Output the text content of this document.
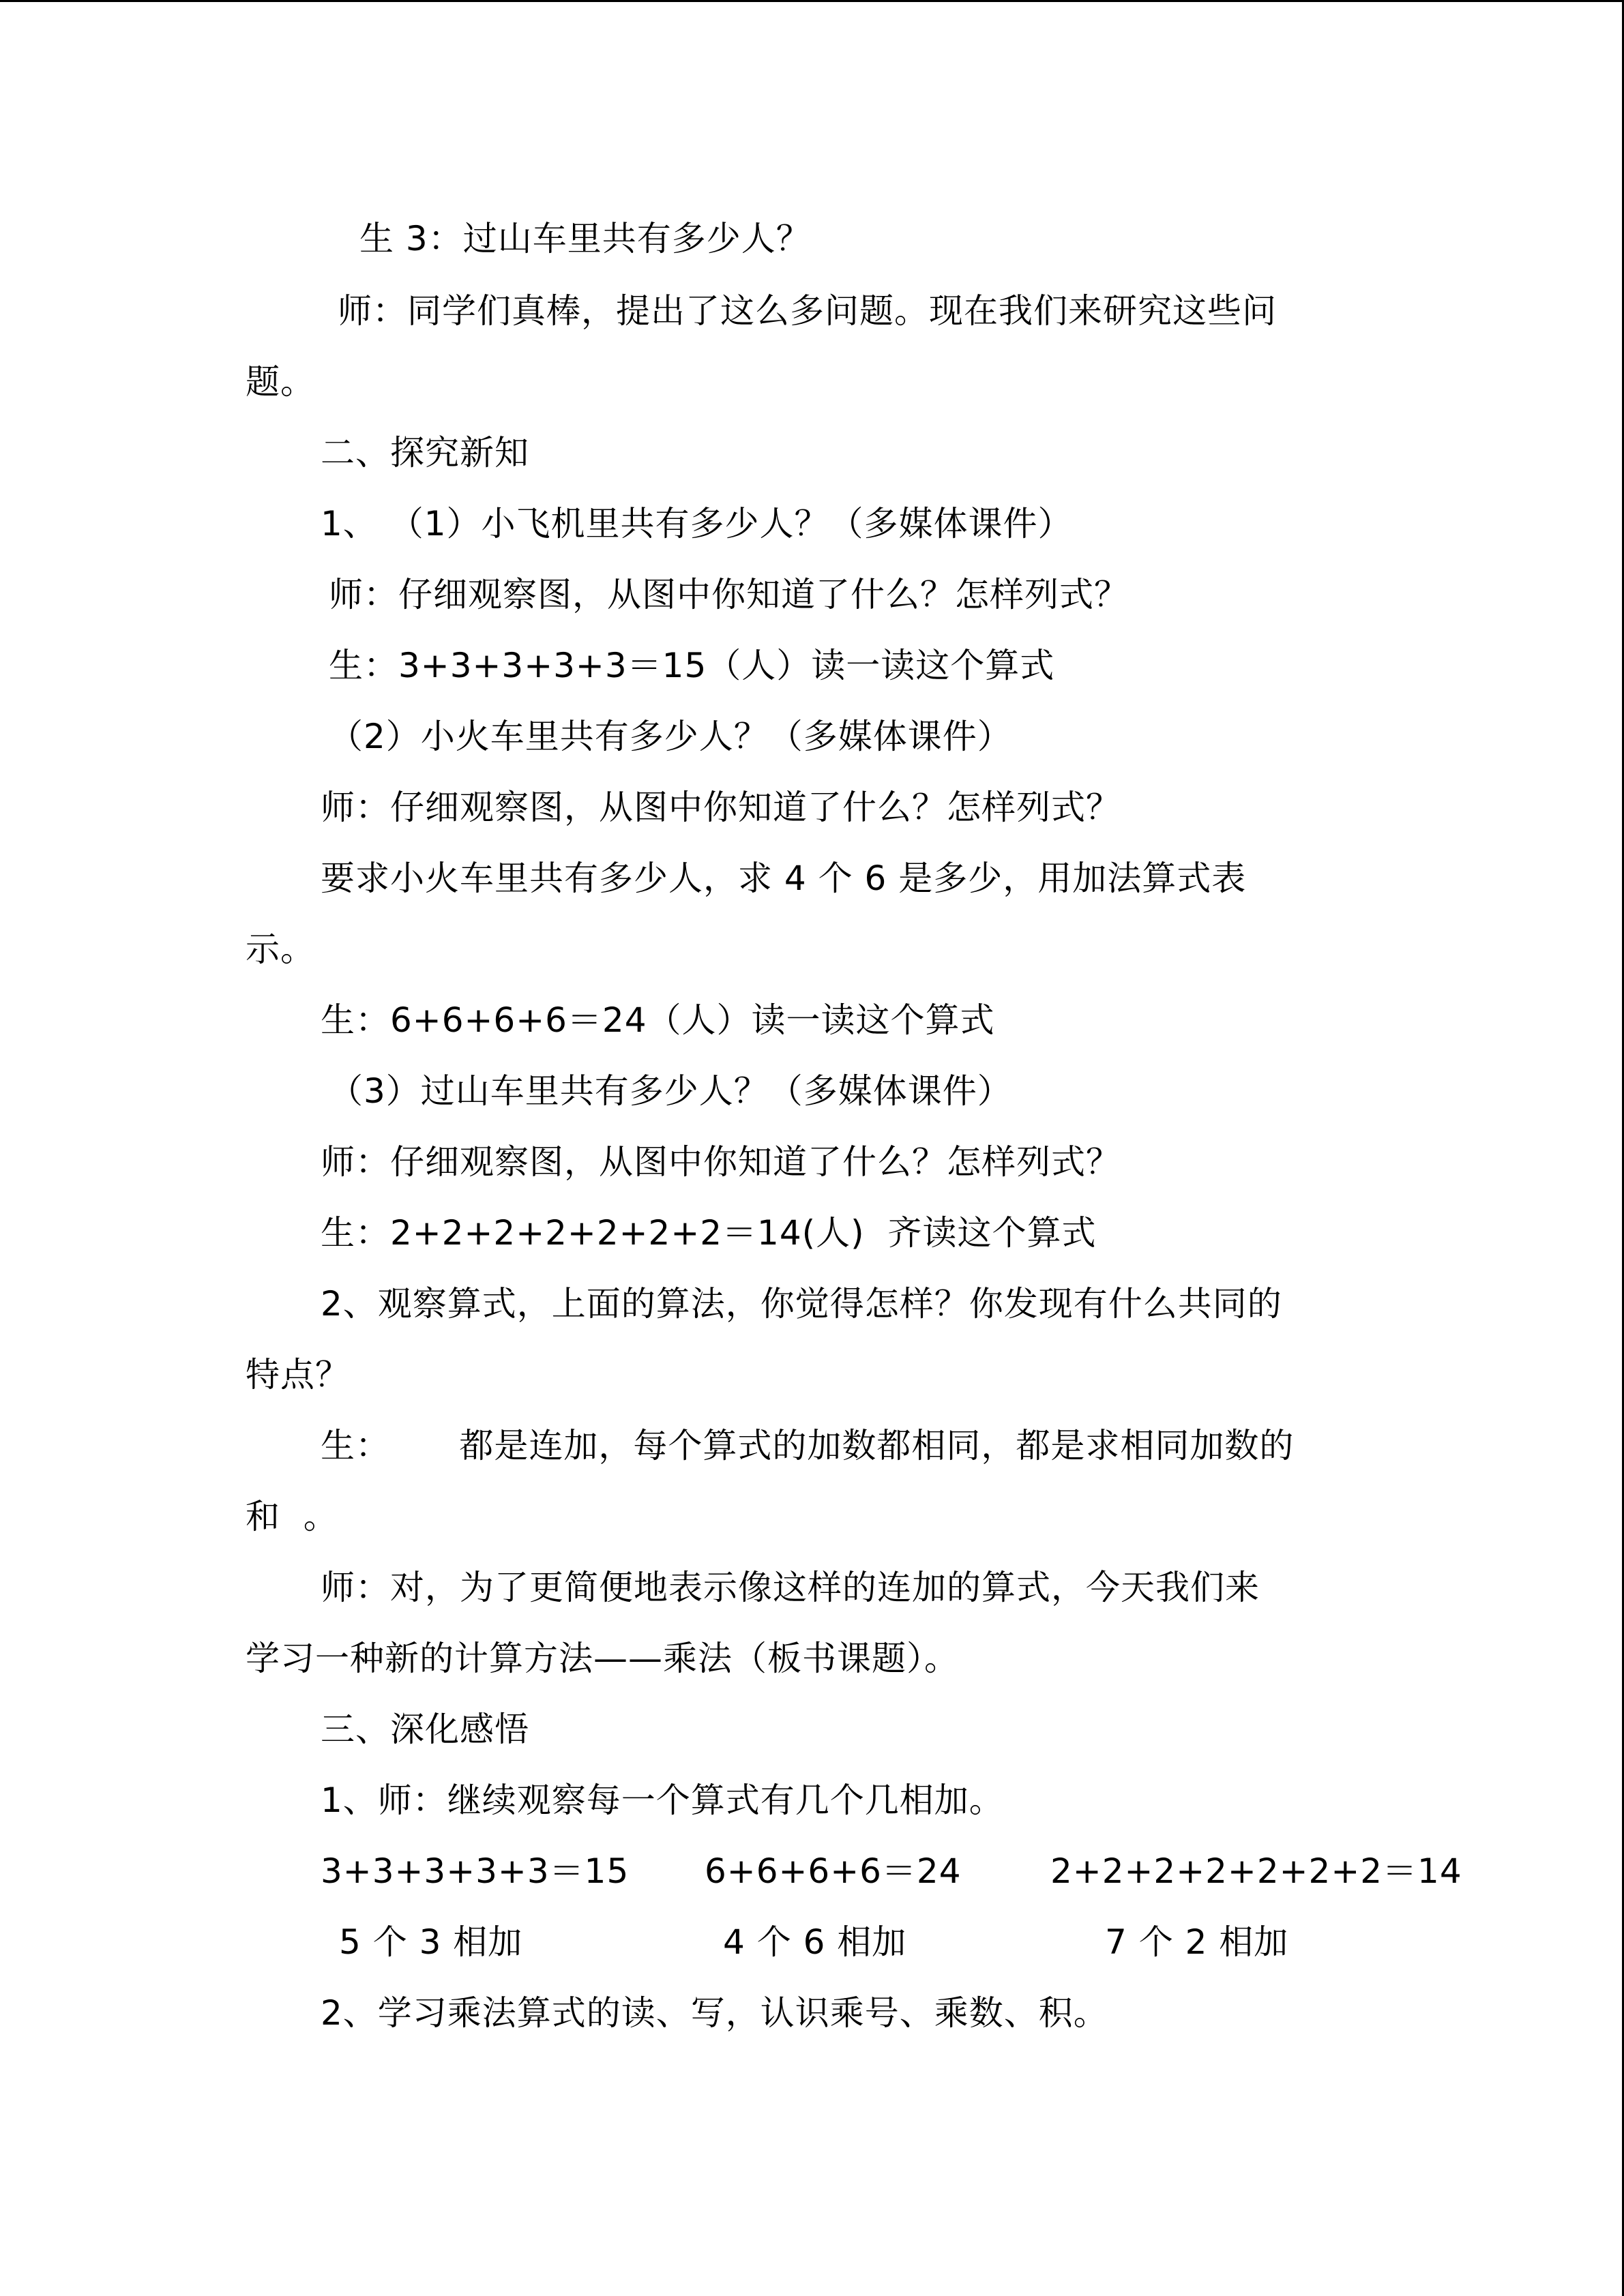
生 3：过山车里共有多少人？
师：同学们真棒，提出了这么多问题。现在我们来研究这些问
题。
二、探究新知
1、 （1）小飞机里共有多少人？（多媒体课件）
师：仔细观察图，从图中你知道了什么？怎样列式？
生：3+3+3+3+3＝15（人）读一读这个算式
（2）小火车里共有多少人？（多媒体课件）
师：仔细观察图，从图中你知道了什么？怎样列式？
要求小火车里共有多少人，求 4 个 6 是多少，用加法算式表
示。
生：6+6+6+6＝24（人）读一读这个算式
（3）过山车里共有多少人？（多媒体课件）
师：仔细观察图，从图中你知道了什么？怎样列式？
生：2+2+2+2+2+2+2＝14(人)  齐读这个算式
2、观察算式，上面的算法，你觉得怎样？你发现有什么共同的
特点？
生：      都是连加，每个算式的加数都相同，都是求相同加数的
和  。
师：对，为了更简便地表示像这样的连加的算式，今天我们来
学习一种新的计算方法——乘法（板书课题）。
三、深化感悟
1、师：继续观察每一个算式有几个几相加。
3+3+3+3+3＝15 6+6+6+6＝24	2+2+2+2+2+2+2＝14
5 个 3 相加	4 个 6 相加	7 个 2 相加
2、学习乘法算式的读、写，认识乘号、乘数、积。
